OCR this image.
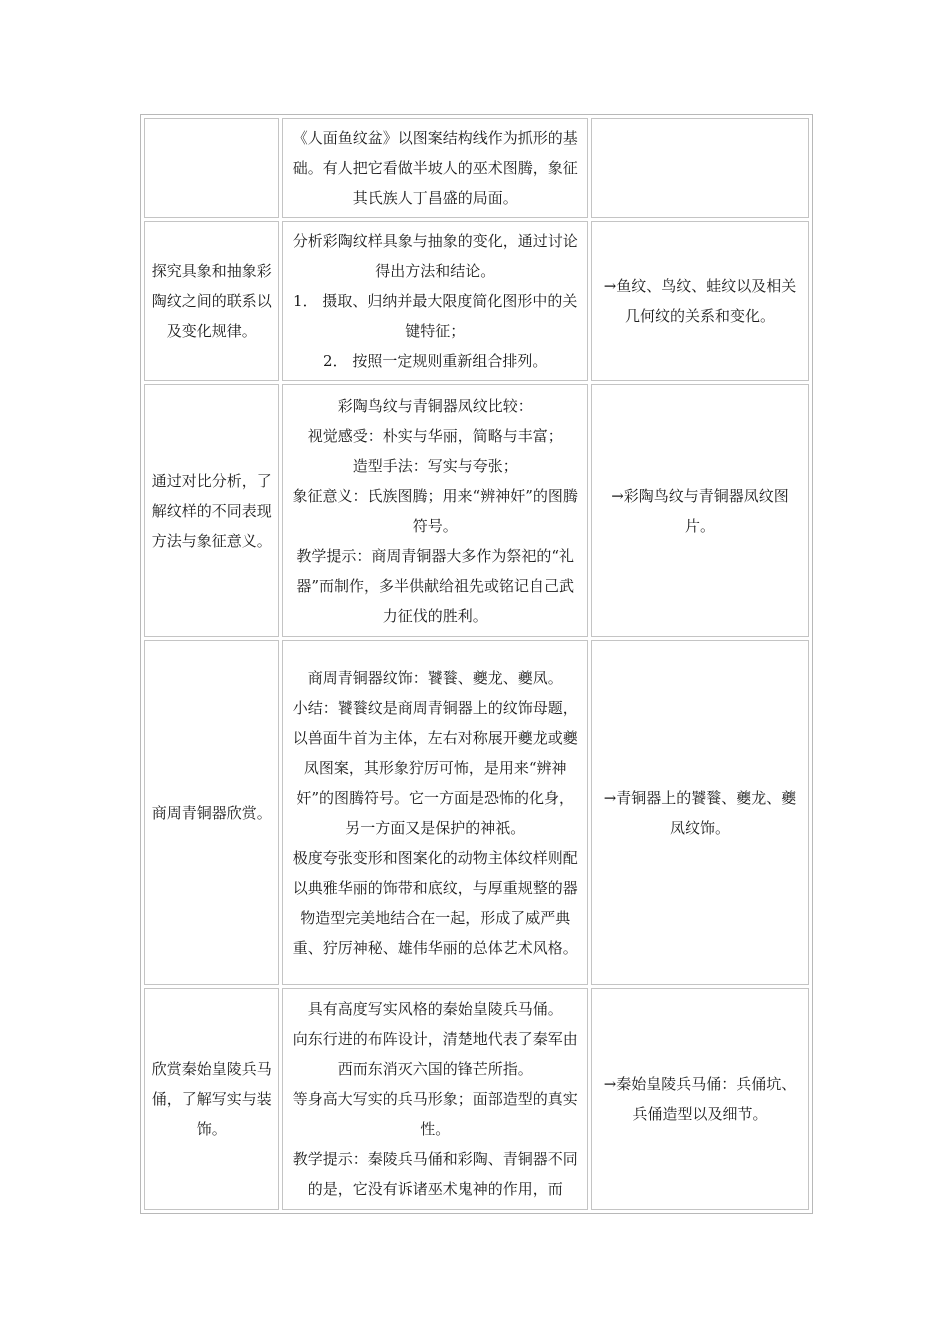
	《人面鱼纹盆》以图案结构线作为抓形的基础。有人把它看做半坡人的巫术图腾，象征其氏族人丁昌盛的局面。	

探究具象和抽象彩陶纹之间的联系以及变化规律。	分析彩陶纹样具象与抽象的变化，通过讨论得出方法和结论。
1． 摄取、归纳并最大限度简化图形中的关键特征；
2． 按照一定规则重新组合排列。	→鱼纹、鸟纹、蛙纹以及相关几何纹的关系和变化。
通过对比分析，了解纹样的不同表现方法与象征意义。	彩陶鸟纹与青铜器凤纹比较：
视觉感受：朴实与华丽，简略与丰富；
造型手法：写实与夸张；
象征意义：氏族图腾；用来“辨神奸”的图腾符号。
教学提示：商周青铜器大多作为祭祀的“礼器”而制作，多半供献给祖先或铭记自己武力征伐的胜利。	→彩陶鸟纹与青铜器凤纹图片。
商周青铜器欣赏。	商周青铜器纹饰：饕餮、夔龙、夔凤。
小结：饕餮纹是商周青铜器上的纹饰母题，以兽面牛首为主体，左右对称展开夔龙或夔凤图案，其形象狞厉可怖，是用来“辨神奸”的图腾符号。它一方面是恐怖的化身，另一方面又是保护的神祇。
极度夸张变形和图案化的动物主体纹样则配以典雅华丽的饰带和底纹，与厚重规整的器物造型完美地结合在一起，形成了威严典重、狞厉神秘、雄伟华丽的总体艺术风格。	→青铜器上的饕餮、夔龙、夔凤纹饰。
欣赏秦始皇陵兵马俑，了解写实与装饰。	具有高度写实风格的秦始皇陵兵马俑。
向东行进的布阵设计，清楚地代表了秦军由西而东消灭六国的锋芒所指。
等身高大写实的兵马形象；面部造型的真实性。
教学提示：秦陵兵马俑和彩陶、青铜器不同的是，它没有诉诸巫术鬼神的作用，而	→秦始皇陵兵马俑：兵俑坑、兵俑造型以及细节。
